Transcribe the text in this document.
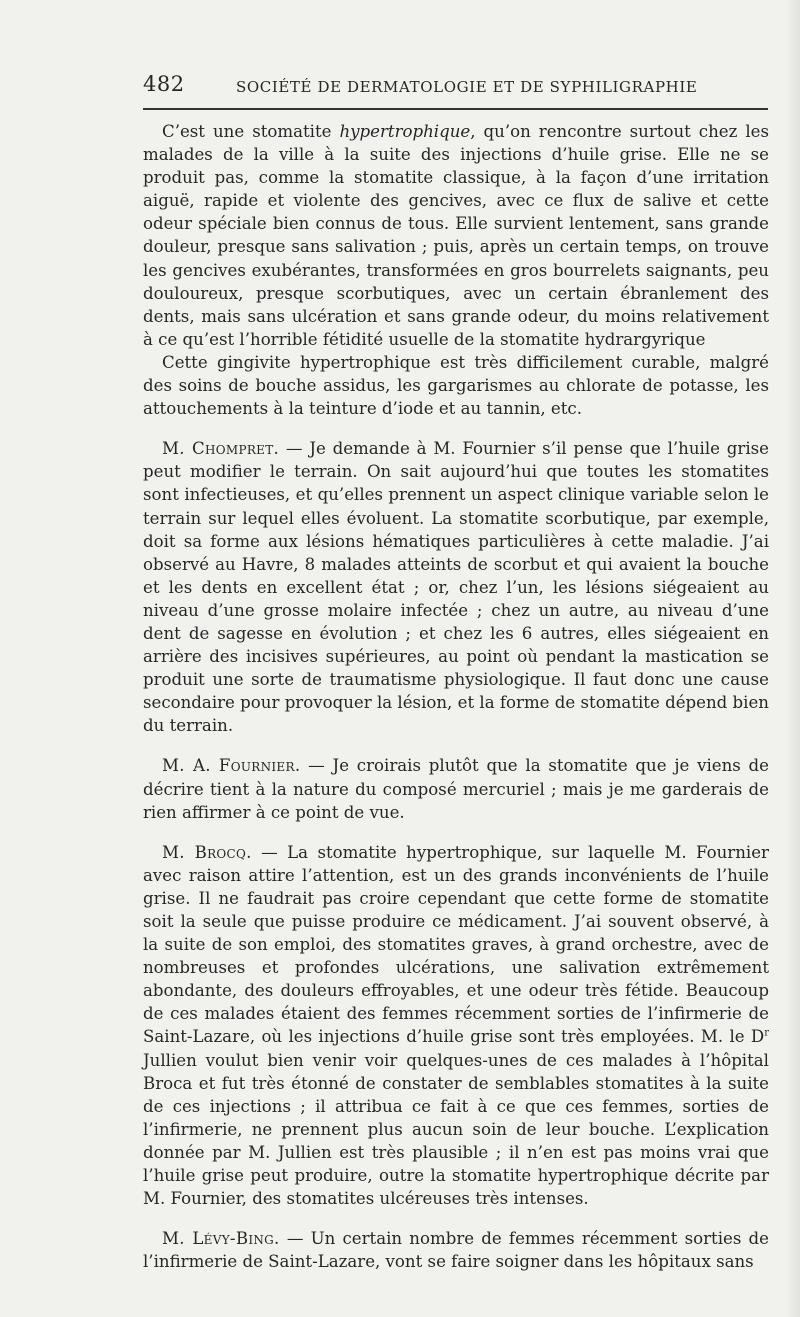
482	SOCIÉTÉ DE DERMATOLOGIE ET DE SYPHILIGRAPHIE

C’est une stomatite hypertrophique, qu’on rencontre surtout chez les malades de la ville à la suite des injections d’huile grise. Elle ne se produit pas, comme la stomatite classique, à la façon d’une irritation aiguë, rapide et violente des gencives, avec ce flux de salive et cette odeur spéciale bien connus de tous. Elle survient lentement, sans grande douleur, presque sans salivation ; puis, après un certain temps, on trouve les gencives exubérantes, transformées en gros bourrelets saignants, peu douloureux, presque scorbutiques, avec un certain ébranlement des dents, mais sans ulcération et sans grande odeur, du moins relativement à ce qu’est l’horrible fétidité usuelle de la stomatite hydrargyrique

Cette gingivite hypertrophique est très difficilement curable, malgré des soins de bouche assidus, les gargarismes au chlorate de potasse, les attouchements à la teinture d’iode et au tannin, etc.

M. Chompret. — Je demande à M. Fournier s’il pense que l’huile grise peut modifier le terrain. On sait aujourd’hui que toutes les stomatites sont infectieuses, et qu’elles prennent un aspect clinique variable selon le terrain sur lequel elles évoluent. La stomatite scorbutique, par exemple, doit sa forme aux lésions hématiques particulières à cette maladie. J’ai observé au Havre, 8 malades atteints de scorbut et qui avaient la bouche et les dents en excellent état ; or, chez l’un, les lésions siégeaient au niveau d’une grosse molaire infectée ; chez un autre, au niveau d’une dent de sagesse en évolution ; et chez les 6 autres, elles siégeaient en arrière des incisives supérieures, au point où pendant la mastication se produit une sorte de traumatisme physiologique. Il faut donc une cause secondaire pour provoquer la lésion, et la forme de stomatite dépend bien du terrain.

M. A. Fournier. — Je croirais plutôt que la stomatite que je viens de décrire tient à la nature du composé mercuriel ; mais je me garderais de rien affirmer à ce point de vue.

M. Brocq. — La stomatite hypertrophique, sur laquelle M. Fournier avec raison attire l’attention, est un des grands inconvénients de l’huile grise. Il ne faudrait pas croire cependant que cette forme de stomatite soit la seule que puisse produire ce médicament. J’ai souvent observé, à la suite de son emploi, des stomatites graves, à grand orchestre, avec de nombreuses et profondes ulcérations, une salivation extrêmement abondante, des douleurs effroyables, et une odeur très fétide. Beaucoup de ces malades étaient des femmes récemment sorties de l’infirmerie de Saint-Lazare, où les injections d’huile grise sont très employées. M. le $D^r$ Jullien voulut bien venir voir quelques-unes de ces malades à l’hôpital Broca et fut très étonné de constater de semblables stomatites à la suite de ces injections ; il attribua ce fait à ce que ces femmes, sorties de l’infirmerie, ne prennent plus aucun soin de leur bouche. L’explication donnée par M. Jullien est très plausible ; il n’en est pas moins vrai que l’huile grise peut produire, outre la stomatite hypertrophique décrite par M. Fournier, des stomatites ulcéreuses très intenses.

M. Lévy-Bing. — Un certain nombre de femmes récemment sorties de l’infirmerie de Saint-Lazare, vont se faire soigner dans les hôpitaux sans
